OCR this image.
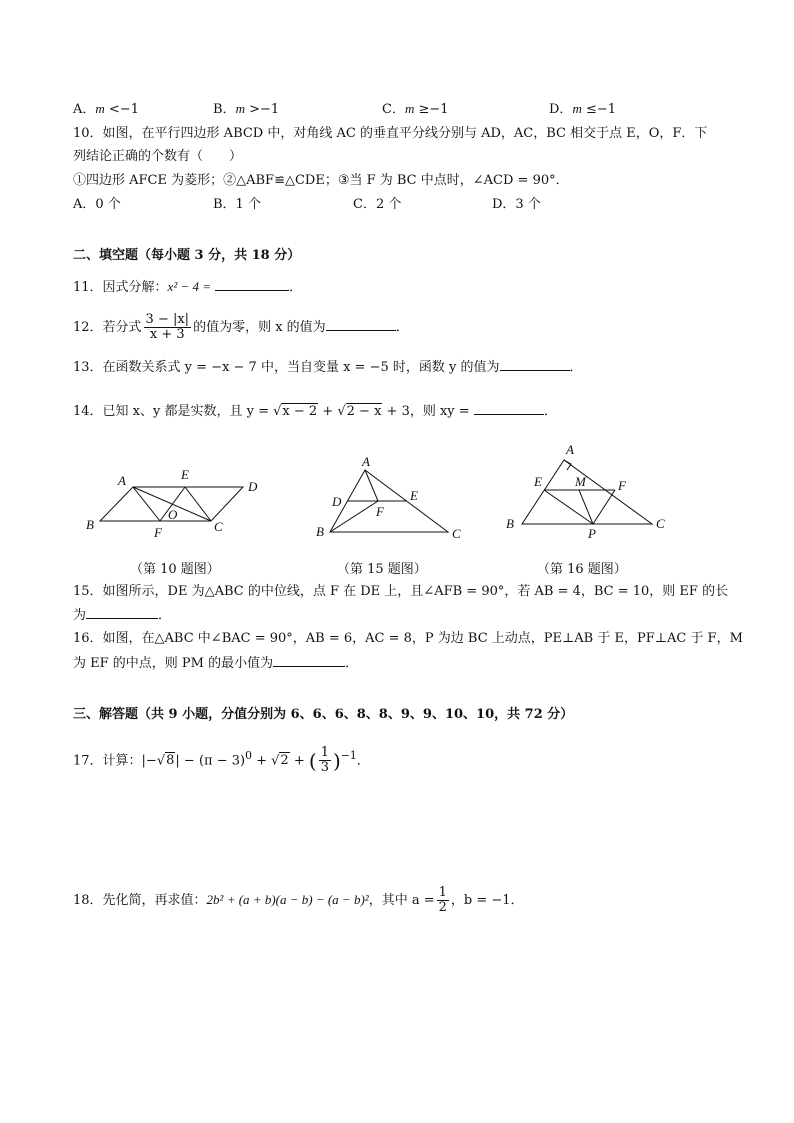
A．m <−1	B．m >−1	C．m ≥−1	D．m ≤−1
10．如图，在平行四边形 ABCD 中，对角线 AC 的垂直平分线分别与 AD，AC，BC 相交于点 E，O，F．下
列结论正确的个数有（　　）
①四边形 AFCE 为菱形；②△ABF≌△CDE；③当 F 为 BC 中点时，∠ACD = 90°．
A．0 个	B．1 个	C．2 个	D．3 个
二、填空题（每小题 3 分，共 18 分）
11．因式分解：x² − 4 =	．
12．若分式 $\frac{3 - |x|}{x + 3}$ 的值为零，则 x 的值为	．
13．在函数关系式 y = −x − 7 中，当自变量 x = −5 时，函数 y 的值为	．
14．已知 x、y 都是实数，且 y = √x − 2 + √2 − x + 3，则 xy =	．
A	E
D
B
F
O
C
（第 10 题图）
A
D	E
F
B	C
（第 15 题图）
A
E	M F
B
P
C
（第 16 题图）
15．如图所示，DE 为△ABC 的中位线，点 F 在 DE 上，且∠AFB = 90°，若 AB = 4，BC = 10，则 EF 的长
为	．
16．如图，在△ABC 中∠BAC = 90°，AB = 6，AC = 8，P 为边 BC 上动点，PE⊥AB 于 E，PF⊥AC 于 F，M
为 EF 的中点，则 PM 的最小值为	．
三、解答题（共 9 小题，分值分别为 6、6、6、8、8、9、9、10、10，共 72 分）
17．计算：$|-√8| - (\pi - 3)^0 + √2$ + ( $\frac{1}{3} )^{-1}$．
18．先化简，再求值：2b² + (a + b)(a − b) − (a − b)²，其中 $a = \frac{1}{2}$ ，b = −1．
